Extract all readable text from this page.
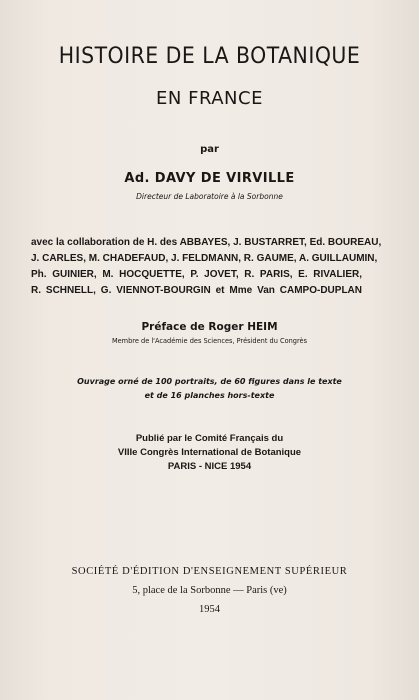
HISTOIRE DE LA BOTANIQUE
EN FRANCE
par
Ad. DAVY DE VIRVILLE
Directeur de Laboratoire à la Sorbonne
avec la collaboration de H. des ABBAYES, J. BUSTARRET, Ed. BOUREAU,
J. CARLES, M. CHADEFAUD, J. FELDMANN, R. GAUME, A. GUILLAUMIN,
Ph. GUINIER, M. HOCQUETTE, P. JOVET, R. PARIS, E. RIVALIER,
R. SCHNELL, G. VIENNOT-BOURGIN et Mme Van CAMPO-DUPLAN
Préface de Roger HEIM
Membre de l'Académie des Sciences, Président du Congrès
Ouvrage orné de 100 portraits, de 60 figures dans le texte
et de 16 planches hors-texte
Publié par le Comité Français du
VIIIe Congrès International de Botanique
PARIS - NICE 1954
SOCIÉTÉ D'ÉDITION D'ENSEIGNEMENT SUPÉRIEUR
5, place de la Sorbonne — Paris (ve)
1954
